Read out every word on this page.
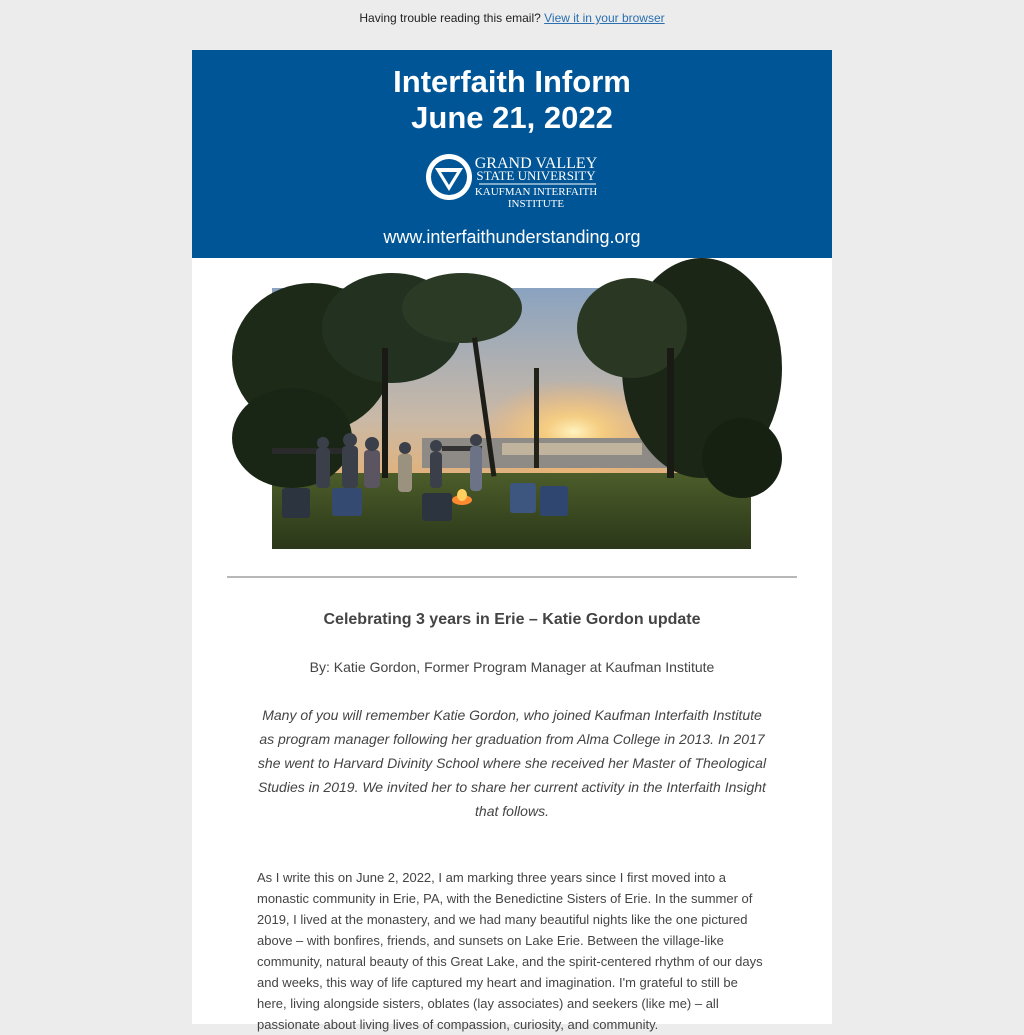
Having trouble reading this email? View it in your browser
Interfaith Inform
June 21, 2022
GRAND VALLEY
STATE UNIVERSITY
KAUFMAN INTERFAITH
INSTITUTE
www.interfaithunderstanding.org
Celebrating 3 years in Erie – Katie Gordon update
By: Katie Gordon, Former Program Manager at Kaufman Institute
Many of you will remember Katie Gordon, who joined Kaufman Interfaith Institute as program manager following her graduation from Alma College in 2013. In 2017 she went to Harvard Divinity School where she received her Master of Theological Studies in 2019. We invited her to share her current activity in the Interfaith Insight that follows.
As I write this on June 2, 2022, I am marking three years since I first moved into a monastic community in Erie, PA, with the Benedictine Sisters of Erie. In the summer of 2019, I lived at the monastery, and we had many beautiful nights like the one pictured above – with bonfires, friends, and sunsets on Lake Erie. Between the village-like community, natural beauty of this Great Lake, and the spirit-centered rhythm of our days and weeks, this way of life captured my heart and imagination. I'm grateful to still be here, living alongside sisters, oblates (lay associates) and seekers (like me) – all passionate about living lives of compassion, curiosity, and community.
